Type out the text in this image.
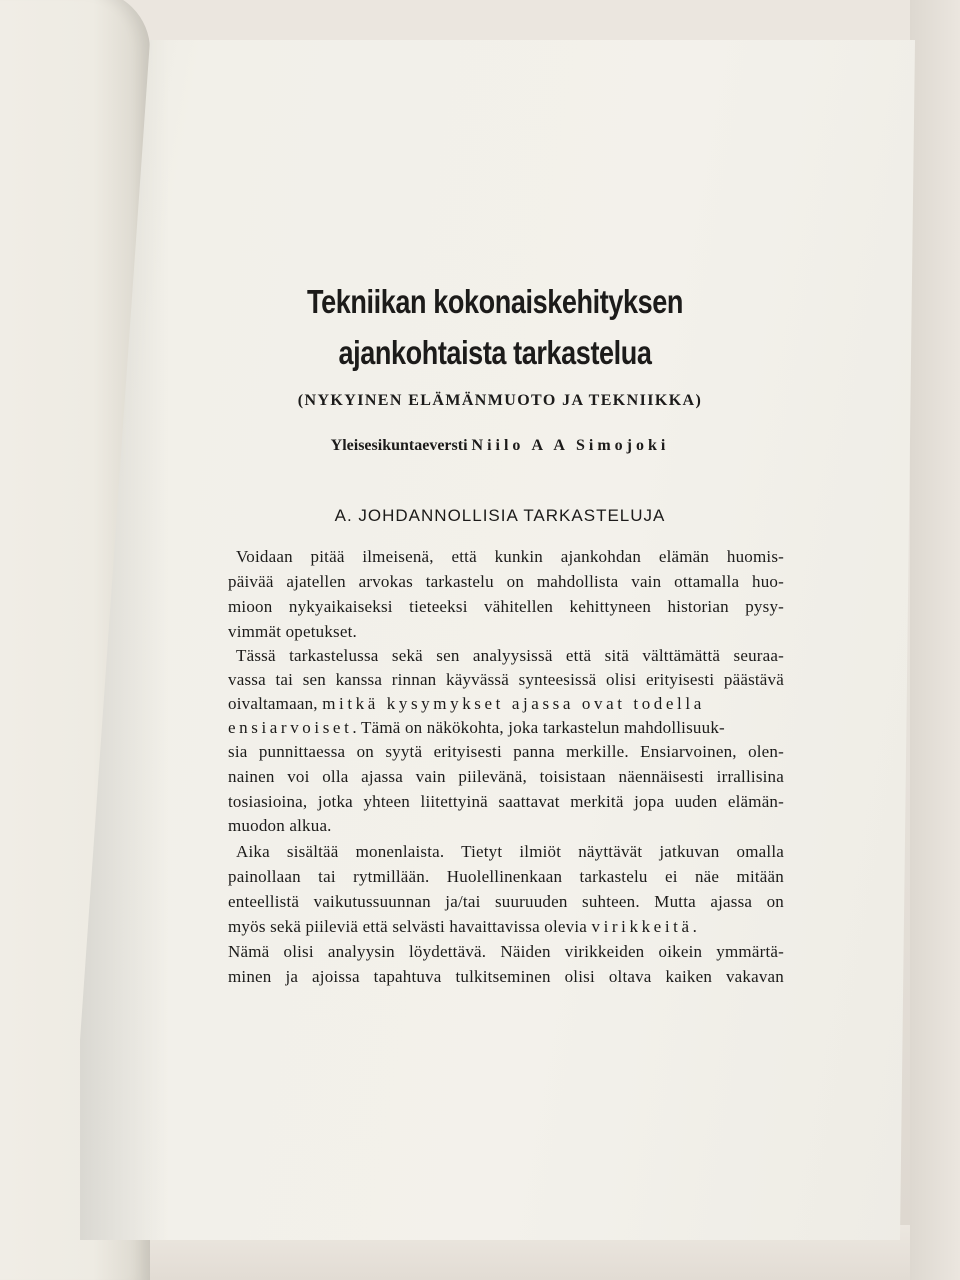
Tekniikan kokonaiskehityksen
ajankohtaista tarkastelua
(NYKYINEN ELÄMÄNMUOTO JA TEKNIIKKA)
Yleisesikuntaeversti Niilo A A Simojoki
A. JOHDANNOLLISIA TARKASTELUJA
Voidaan pitää ilmeisenä, että kunkin ajankohdan elämän huomis-
päivää ajatellen arvokas tarkastelu on mahdollista vain ottamalla huo-
mioon nykyaikaiseksi tieteeksi vähitellen kehittyneen historian pysy-
vimmät opetukset.
Tässä tarkastelussa sekä sen analyysissä että sitä välttämättä seuraa-
vassa tai sen kanssa rinnan käyvässä synteesissä olisi erityisesti päästävä
oivaltamaan, mitkä kysymykset ajassa ovat todella
ensiarvoiset. Tämä on näkökohta, joka tarkastelun mahdollisuuk-
sia punnittaessa on syytä erityisesti panna merkille. Ensiarvoinen, olen-
nainen voi olla ajassa vain piilevänä, toisistaan näennäisesti irrallisina
tosiasioina, jotka yhteen liitettyinä saattavat merkitä jopa uuden elämän-
muodon alkua.
Aika sisältää monenlaista. Tietyt ilmiöt näyttävät jatkuvan omalla
painollaan tai rytmillään. Huolellinenkaan tarkastelu ei näe mitään
enteellistä vaikutussuunnan ja/tai suuruuden suhteen. Mutta ajassa on
myös sekä piileviä että selvästi havaittavissa olevia virikkeitä.
Nämä olisi analyysin löydettävä. Näiden virikkeiden oikein ymmärtä-
minen ja ajoissa tapahtuva tulkitseminen olisi oltava kaiken vakavan
